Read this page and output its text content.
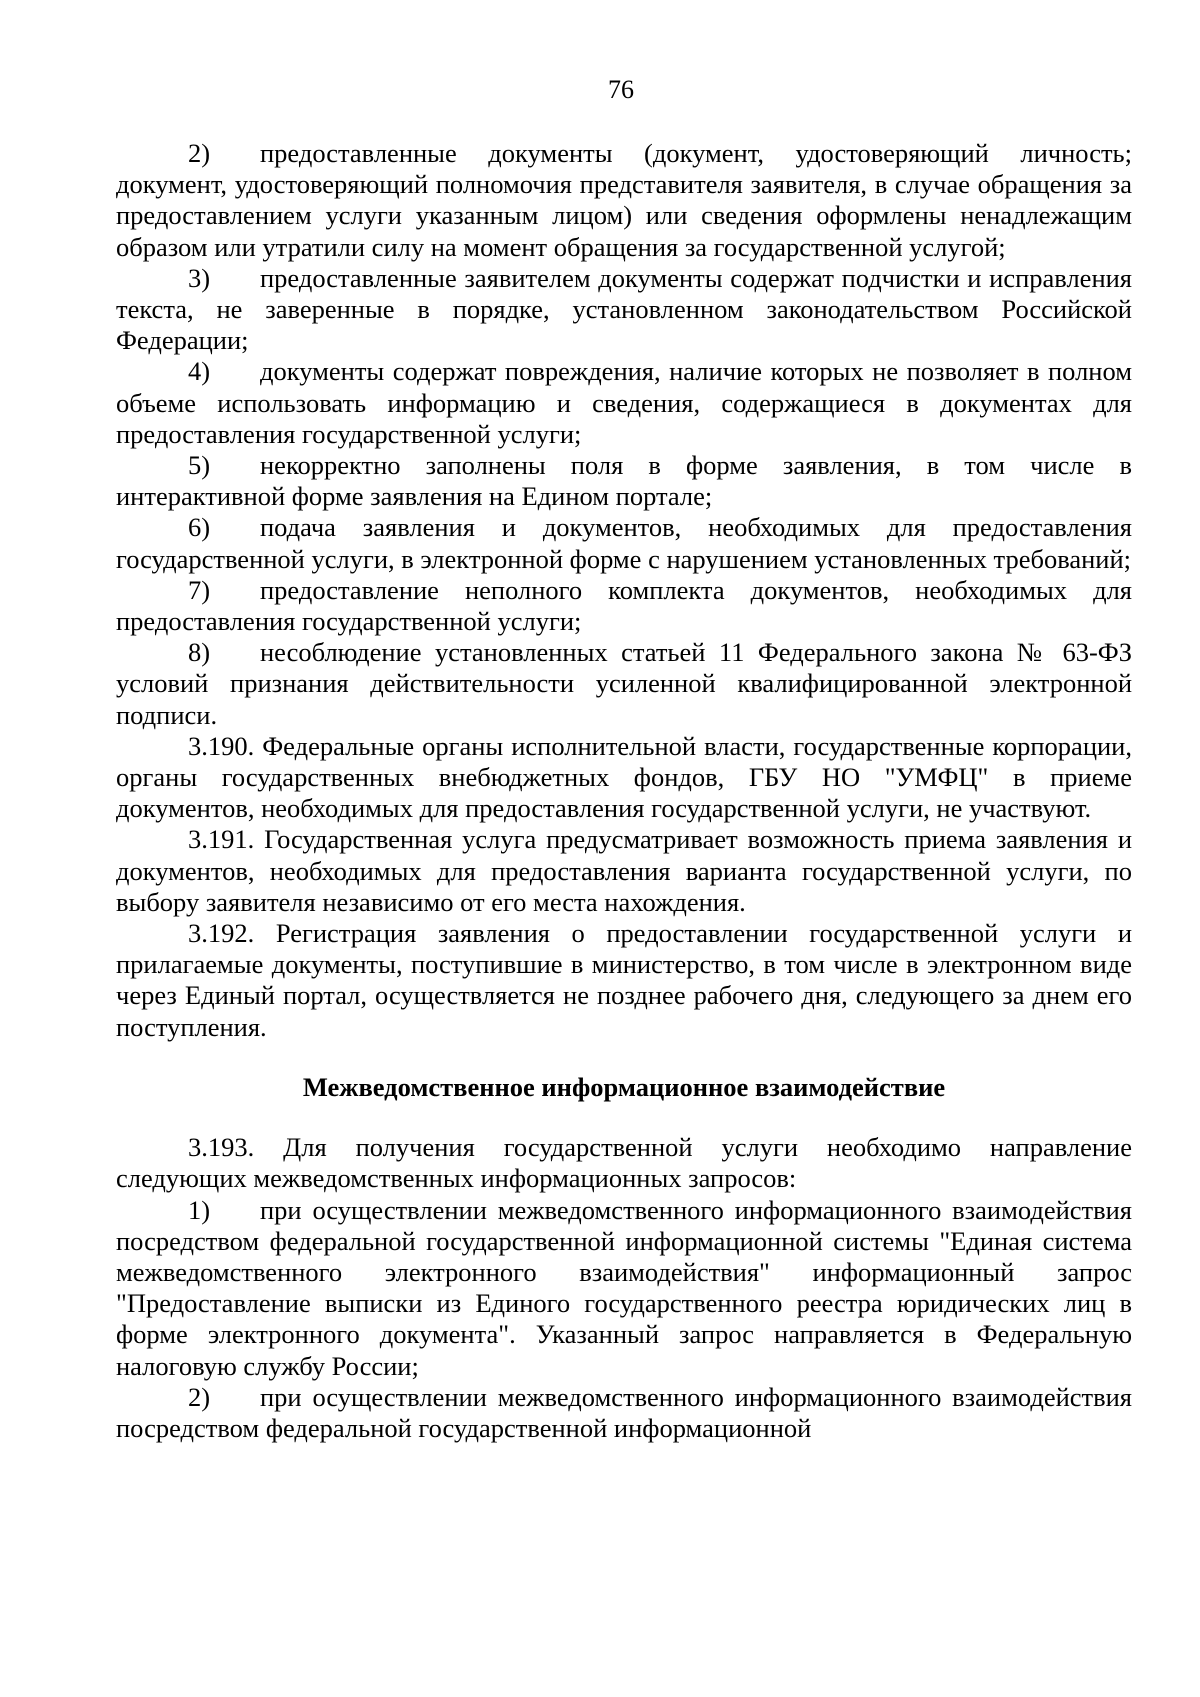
76

2) предоставленные документы (документ, удостоверяющий личность; документ, удостоверяющий полномочия представителя заявителя, в случае обращения за предоставлением услуги указанным лицом) или сведения оформлены ненадлежащим образом или утратили силу на момент обращения за государственной услугой;

3) предоставленные заявителем документы содержат подчистки и исправления текста, не заверенные в порядке, установленном законодательством Российской Федерации;

4) документы содержат повреждения, наличие которых не позволяет в полном объеме использовать информацию и сведения, содержащиеся в документах для предоставления государственной услуги;

5) некорректно заполнены поля в форме заявления, в том числе в интерактивной форме заявления на Едином портале;

6) подача заявления и документов, необходимых для предоставления государственной услуги, в электронной форме с нарушением установленных требований;

7) предоставление неполного комплекта документов, необходимых для предоставления государственной услуги;

8) несоблюдение установленных статьей 11 Федерального закона № 63-ФЗ условий признания действительности усиленной квалифицированной электронной подписи.

3.190. Федеральные органы исполнительной власти, государственные корпорации, органы государственных внебюджетных фондов, ГБУ НО "УМФЦ" в приеме документов, необходимых для предоставления государственной услуги, не участвуют.

3.191. Государственная услуга предусматривает возможность приема заявления и документов, необходимых для предоставления варианта государственной услуги, по выбору заявителя независимо от его места нахождения.

3.192. Регистрация заявления о предоставлении государственной услуги и прилагаемые документы, поступившие в министерство, в том числе в электронном виде через Единый портал, осуществляется не позднее рабочего дня, следующего за днем его поступления.

Межведомственное информационное взаимодействие

3.193. Для получения государственной услуги необходимо направление следующих межведомственных информационных запросов:

1) при осуществлении межведомственного информационного взаимодействия посредством федеральной государственной информационной системы "Единая система межведомственного электронного взаимодействия" информационный запрос "Предоставление выписки из Единого государственного реестра юридических лиц в форме электронного документа". Указанный запрос направляется в Федеральную налоговую службу России;

2) при осуществлении межведомственного информационного взаимодействия посредством федеральной государственной информационной
